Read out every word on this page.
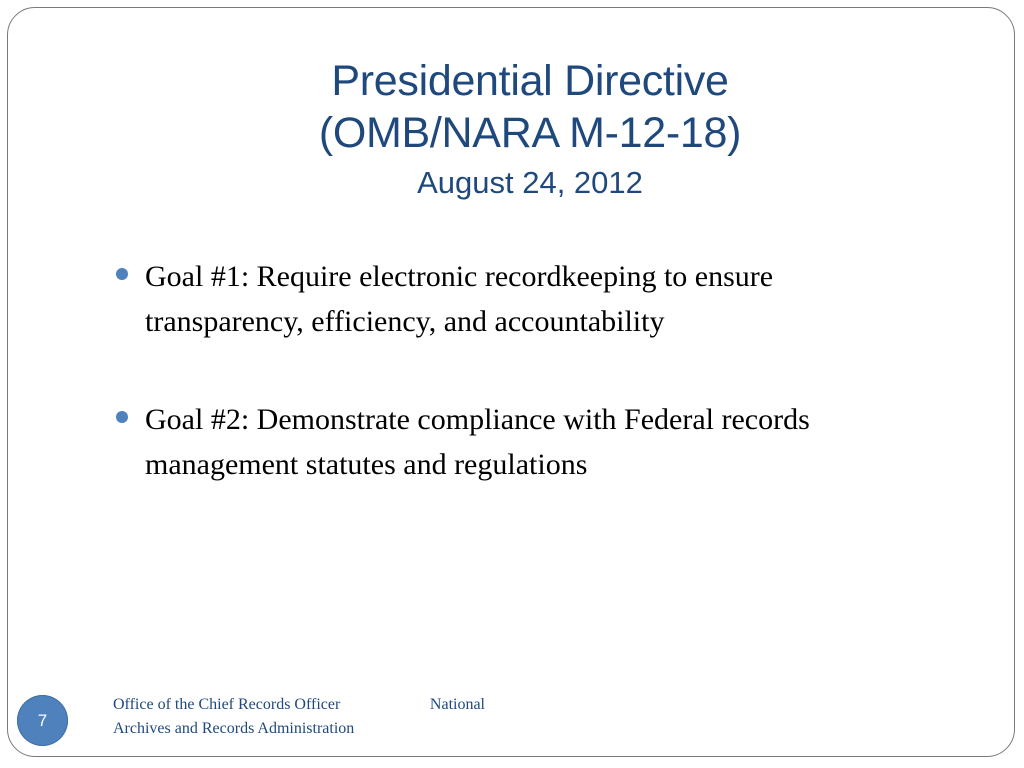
Presidential Directive
(OMB/NARA M-12-18)
August 24, 2012
Goal #1: Require electronic recordkeeping to ensure transparency, efficiency, and accountability
Goal #2: Demonstrate compliance with Federal records management statutes and regulations
7
Office of the Chief Records Officer	National
Archives and Records Administration
